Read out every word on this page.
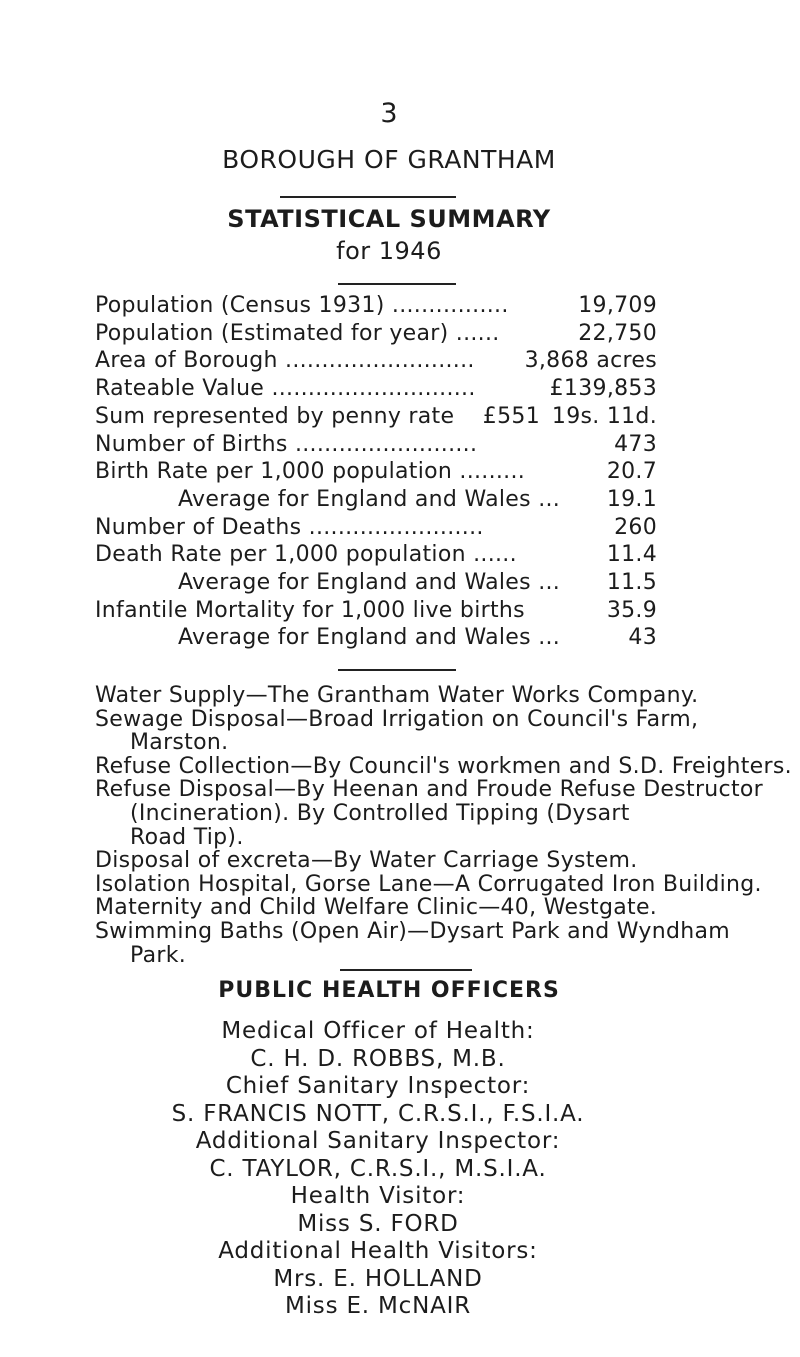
3
BOROUGH OF GRANTHAM
STATISTICAL SUMMARY
for 1946
Population (Census 1931) ................	19,709
Population (Estimated for year) ......	22,750
Area of Borough .......................... 3,868 acres
Rateable Value ............................	£139,853
Sum represented by penny rate £551 19s. 11d.
Number of Births .........................	473
Birth Rate per 1,000 population .........	20.7
Average for England and Wales ... 19.1
Number of Deaths ........................	260
Death Rate per 1,000 population ......	11.4
Average for England and Wales ... 11.5
Infantile Mortality for 1,000 live births	35.9
Average for England and Wales ...	43
Water Supply—The Grantham Water Works Company.
Sewage Disposal—Broad Irrigation on Council's Farm,
Marston.
Refuse Collection—By Council's workmen and S.D. Freighters.
Refuse Disposal—By Heenan and Froude Refuse Destructor
(Incineration). By Controlled Tipping (Dysart
Road Tip).
Disposal of excreta—By Water Carriage System.
Isolation Hospital, Gorse Lane—A Corrugated Iron Building.
Maternity and Child Welfare Clinic—40, Westgate.
Swimming Baths (Open Air)—Dysart Park and Wyndham
Park.
PUBLIC HEALTH OFFICERS
Medical Officer of Health:
C. H. D. ROBBS, M.B.
Chief Sanitary Inspector:
S. FRANCIS NOTT, C.R.S.I., F.S.I.A.
Additional Sanitary Inspector:
C. TAYLOR, C.R.S.I., M.S.I.A.
Health Visitor:
Miss S. FORD
Additional Health Visitors:
Mrs. E. HOLLAND
Miss E. McNAIR
